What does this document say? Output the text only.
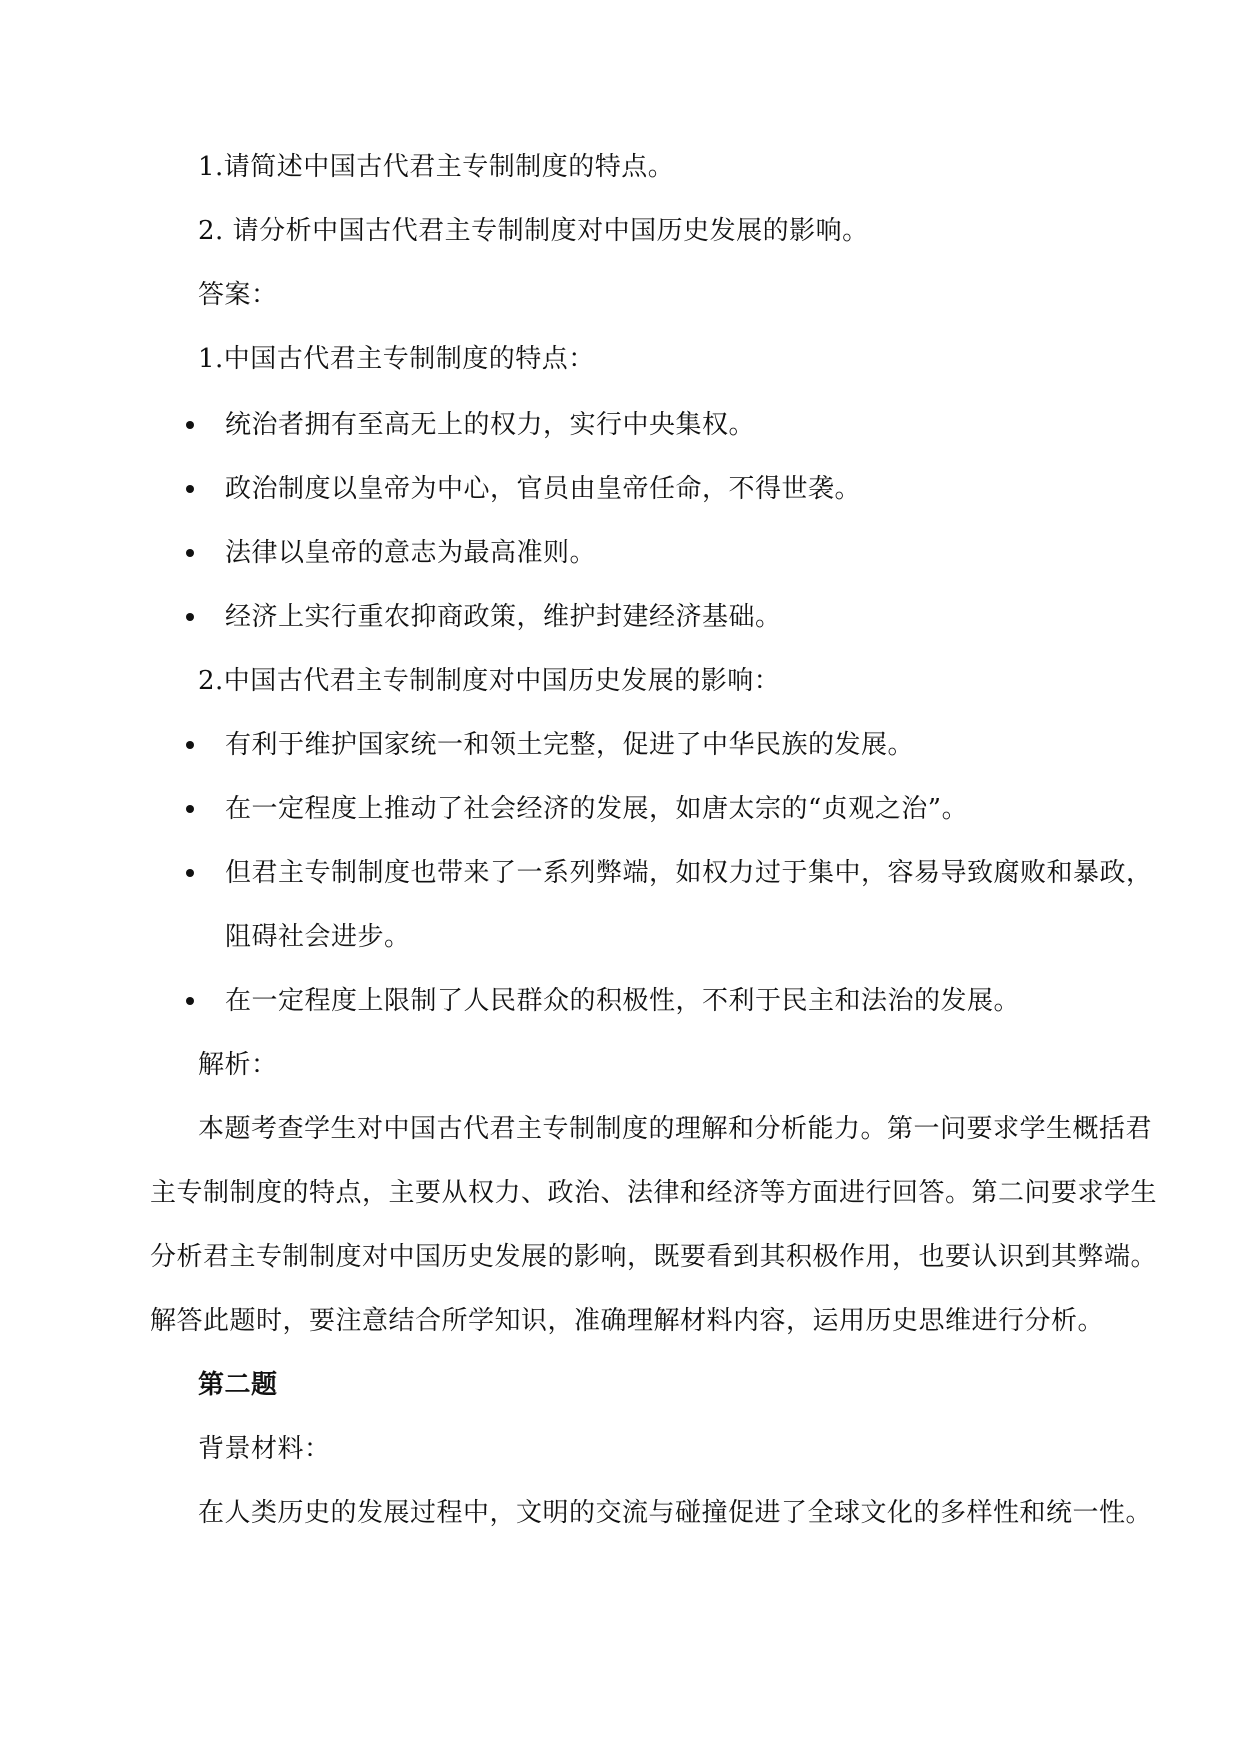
1.请简述中国古代君主专制制度的特点。
2. 请分析中国古代君主专制制度对中国历史发展的影响。
答案：
1.中国古代君主专制制度的特点：
统治者拥有至高无上的权力，实行中央集权。
政治制度以皇帝为中心，官员由皇帝任命，不得世袭。
法律以皇帝的意志为最高准则。
经济上实行重农抑商政策，维护封建经济基础。
2.中国古代君主专制制度对中国历史发展的影响：
有利于维护国家统一和领土完整，促进了中华民族的发展。
在一定程度上推动了社会经济的发展，如唐太宗的“贞观之治”。
但君主专制制度也带来了一系列弊端，如权力过于集中，容易导致腐败和暴政，
阻碍社会进步。
在一定程度上限制了人民群众的积极性，不利于民主和法治的发展。
解析：
本题考查学生对中国古代君主专制制度的理解和分析能力。第一问要求学生概括君
主专制制度的特点，主要从权力、政治、法律和经济等方面进行回答。第二问要求学生
分析君主专制制度对中国历史发展的影响，既要看到其积极作用，也要认识到其弊端。
解答此题时，要注意结合所学知识，准确理解材料内容，运用历史思维进行分析。
第二题
背景材料：
在人类历史的发展过程中，文明的交流与碰撞促进了全球文化的多样性和统一性。
